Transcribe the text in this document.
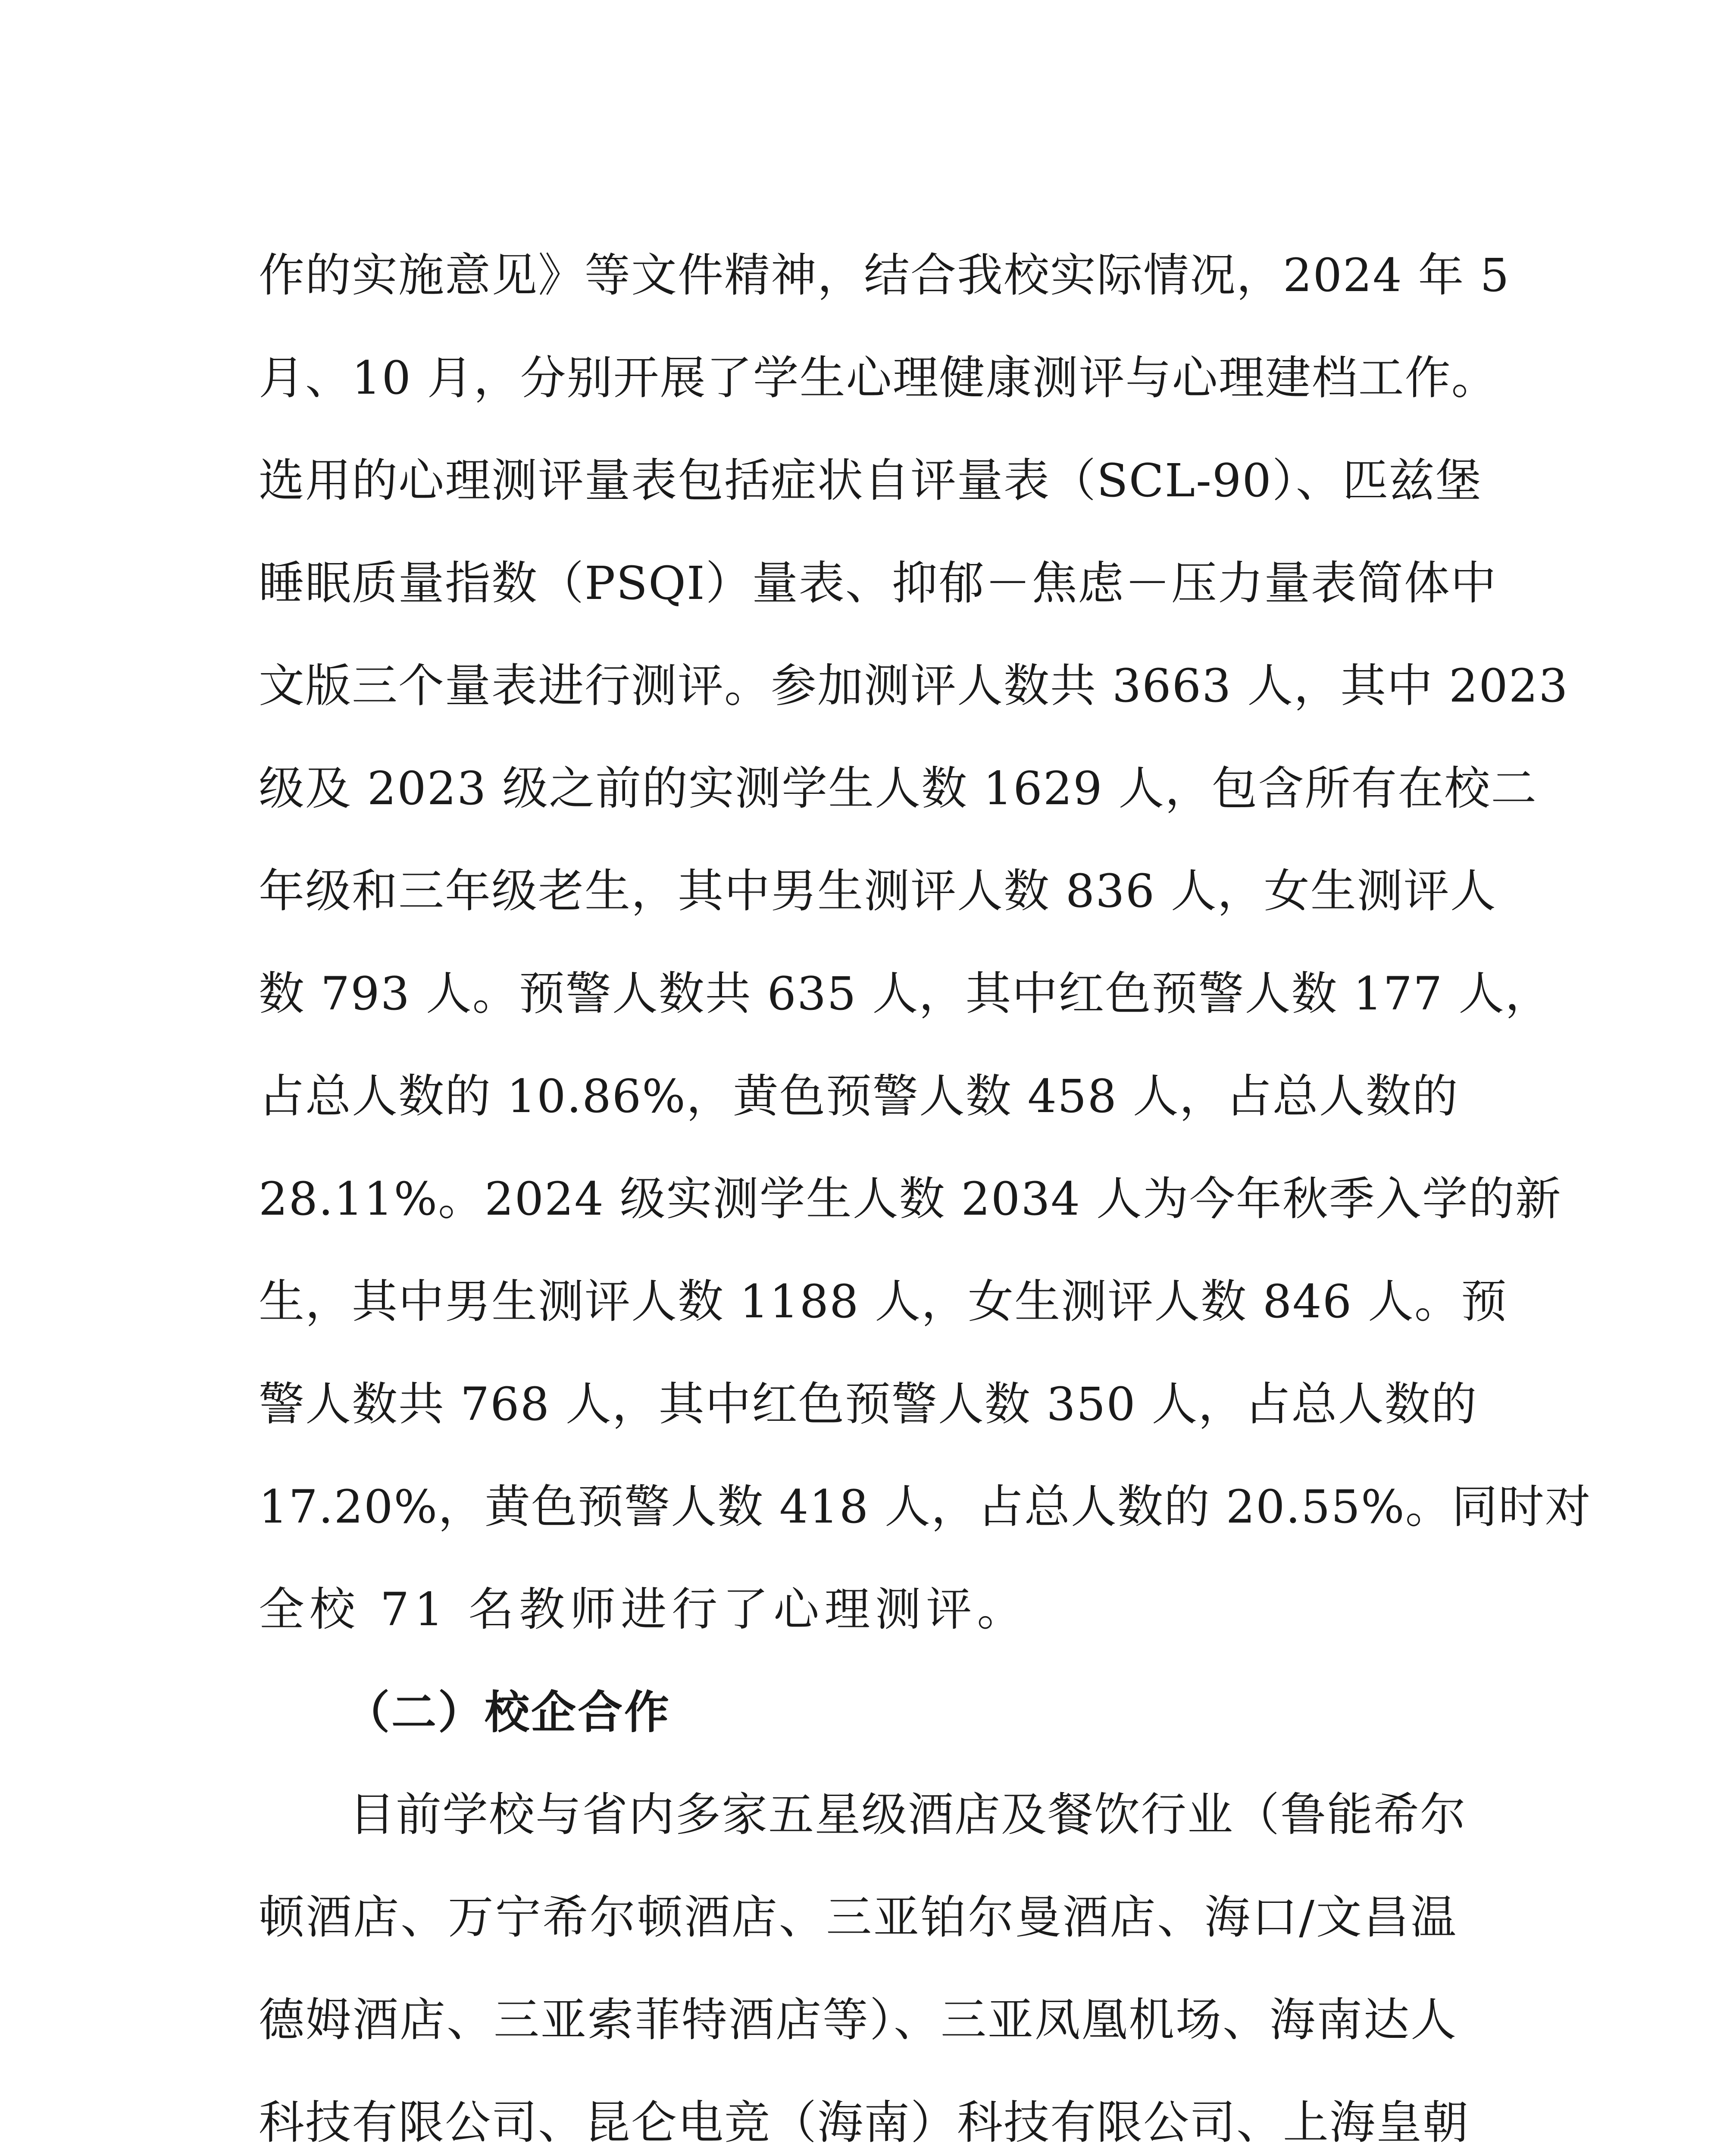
作的实施意见》等文件精神，结合我校实际情况，2024 年 5
月、10 月，分别开展了学生心理健康测评与心理建档工作。
选用的心理测评量表包括症状自评量表（SCL-90）、匹兹堡
睡眠质量指数（PSQI）量表、抑郁－焦虑－压力量表简体中
文版三个量表进行测评。参加测评人数共 3663 人，其中 2023
级及 2023 级之前的实测学生人数 1629 人，包含所有在校二
年级和三年级老生，其中男生测评人数 836 人，女生测评人
数 793 人。预警人数共 635 人，其中红色预警人数 177 人，
占总人数的 10.86%，黄色预警人数 458 人，占总人数的
28.11%。2024 级实测学生人数 2034 人为今年秋季入学的新
生，其中男生测评人数 1188 人，女生测评人数 846 人。预
警人数共 768 人，其中红色预警人数 350 人，占总人数的
17.20%，黄色预警人数 418 人，占总人数的 20.55%。同时对
全校 71 名教师进行了心理测评。
（二）校企合作
目前学校与省内多家五星级酒店及餐饮行业（鲁能希尔
顿酒店、万宁希尔顿酒店、三亚铂尔曼酒店、海口/文昌温
德姆酒店、三亚索菲特酒店等）、三亚凤凰机场、海南达人
科技有限公司、昆仑电竞（海南）科技有限公司、上海皇朝
